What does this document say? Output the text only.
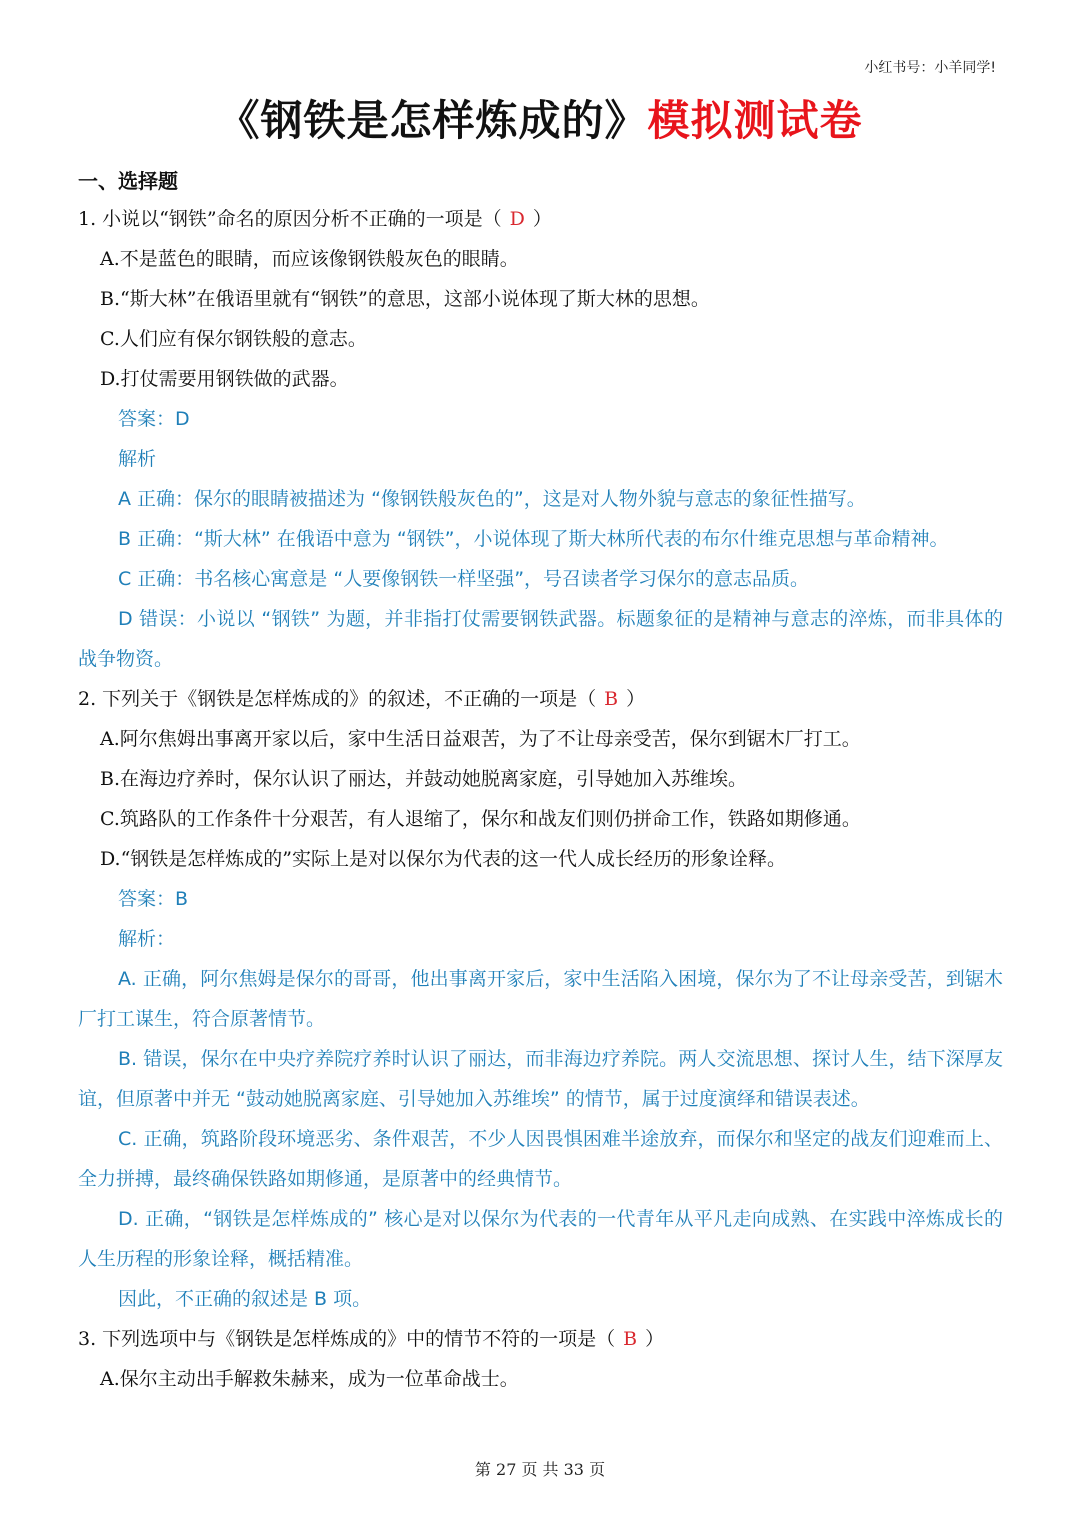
小红书号：小羊同学!
《钢铁是怎样炼成的》模拟测试卷
一、选择题
1. 小说以“钢铁”命名的原因分析不正确的一项是（ D ）
A.不是蓝色的眼睛，而应该像钢铁般灰色的眼睛。
B.“斯大林”在俄语里就有“钢铁”的意思，这部小说体现了斯大林的思想。
C.人们应有保尔钢铁般的意志。
D.打仗需要用钢铁做的武器。
答案：D
解析
A 正确：保尔的眼睛被描述为 “像钢铁般灰色的”，这是对人物外貌与意志的象征性描写。
B 正确：“斯大林” 在俄语中意为 “钢铁”，小说体现了斯大林所代表的布尔什维克思想与革命精神。
C 正确：书名核心寓意是 “人要像钢铁一样坚强”，号召读者学习保尔的意志品质。
D 错误：小说以 “钢铁” 为题，并非指打仗需要钢铁武器。标题象征的是精神与意志的淬炼，而非具体的战争物资。
2. 下列关于《钢铁是怎样炼成的》的叙述，不正确的一项是（ B ）
A.阿尔焦姆出事离开家以后，家中生活日益艰苦，为了不让母亲受苦，保尔到锯木厂打工。
B.在海边疗养时，保尔认识了丽达，并鼓动她脱离家庭，引导她加入苏维埃。
C.筑路队的工作条件十分艰苦，有人退缩了，保尔和战友们则仍拼命工作，铁路如期修通。
D.“钢铁是怎样炼成的”实际上是对以保尔为代表的这一代人成长经历的形象诠释。
答案：B
解析：
A. 正确，阿尔焦姆是保尔的哥哥，他出事离开家后，家中生活陷入困境，保尔为了不让母亲受苦，到锯木厂打工谋生，符合原著情节。
B. 错误，保尔在中央疗养院疗养时认识了丽达，而非海边疗养院。两人交流思想、探讨人生，结下深厚友谊，但原著中并无 “鼓动她脱离家庭、引导她加入苏维埃” 的情节，属于过度演绎和错误表述。
C. 正确，筑路阶段环境恶劣、条件艰苦，不少人因畏惧困难半途放弃，而保尔和坚定的战友们迎难而上、全力拼搏，最终确保铁路如期修通，是原著中的经典情节。
D. 正确，“钢铁是怎样炼成的” 核心是对以保尔为代表的一代青年从平凡走向成熟、在实践中淬炼成长的人生历程的形象诠释，概括精准。
因此，不正确的叙述是 B 项。
3. 下列选项中与《钢铁是怎样炼成的》中的情节不符的一项是（ B ）
A.保尔主动出手解救朱赫来，成为一位革命战士。
第 27 页 共 33 页
